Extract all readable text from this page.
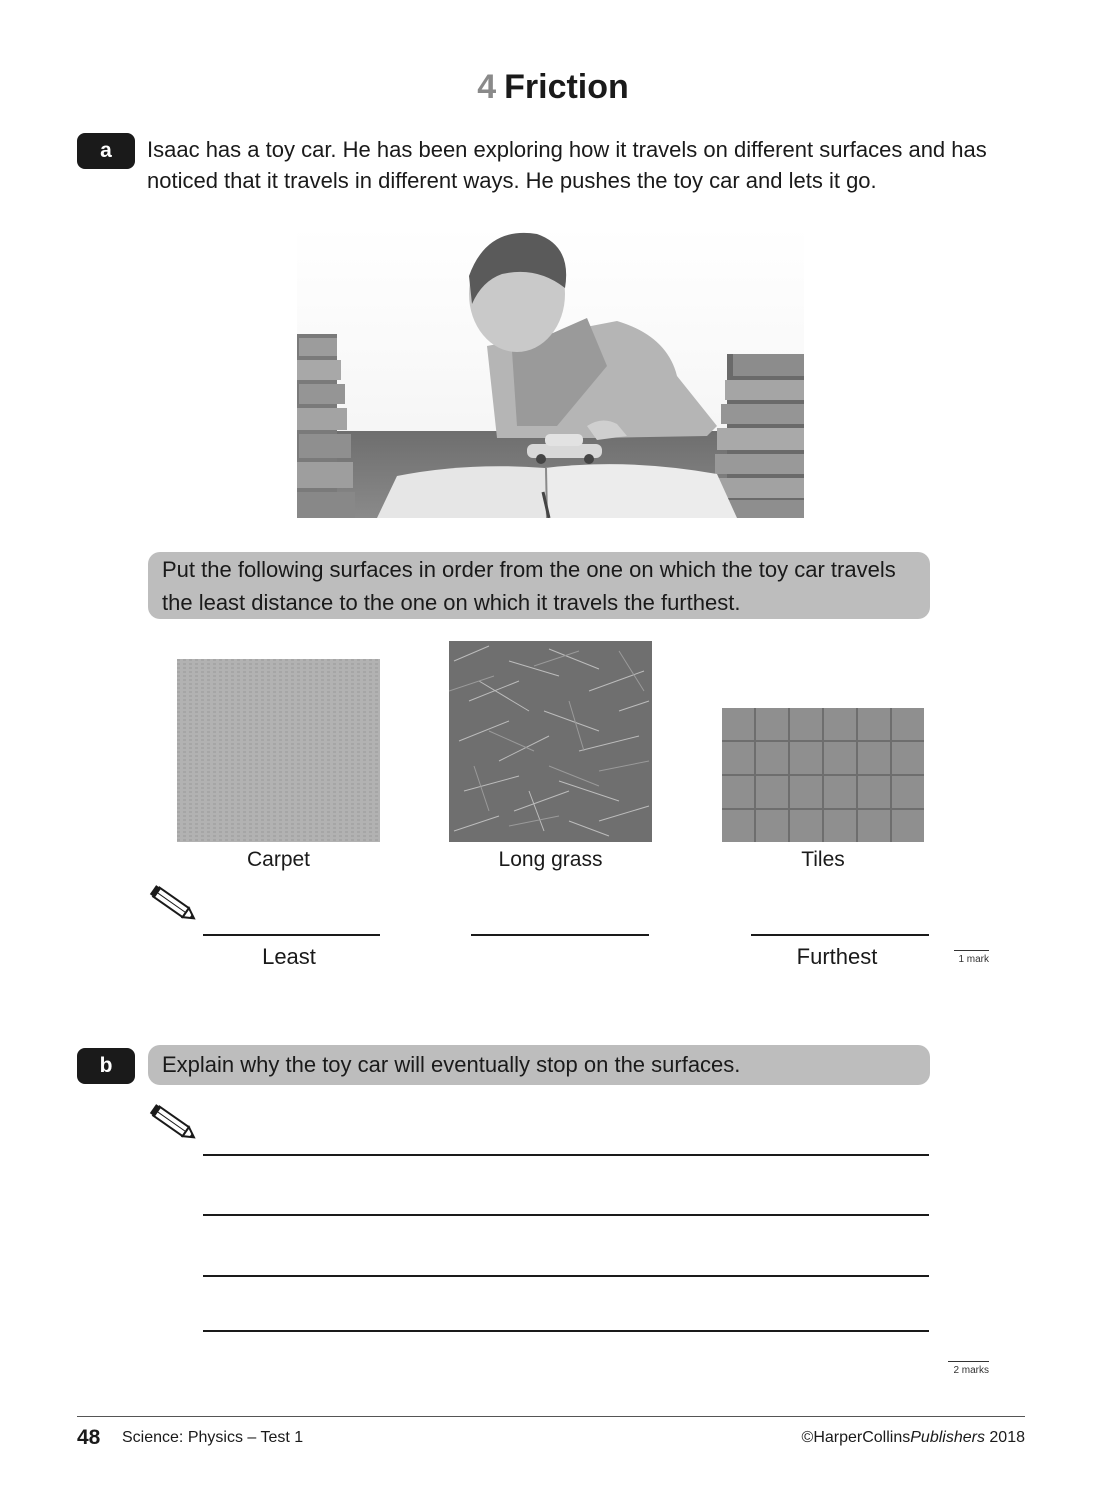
4 Friction
a	Isaac has a toy car. He has been exploring how it travels on different surfaces and has noticed that it travels in different ways. He pushes the toy car and lets it go.
Put the following surfaces in order from the one on which the toy car travels the least distance to the one on which it travels the furthest.
Carpet	Long grass	Tiles
Least	Furthest	1 mark
b	Explain why the toy car will eventually stop on the surfaces.
2 marks
48 Science: Physics – Test 1	©HarperCollinsPublishers 2018
